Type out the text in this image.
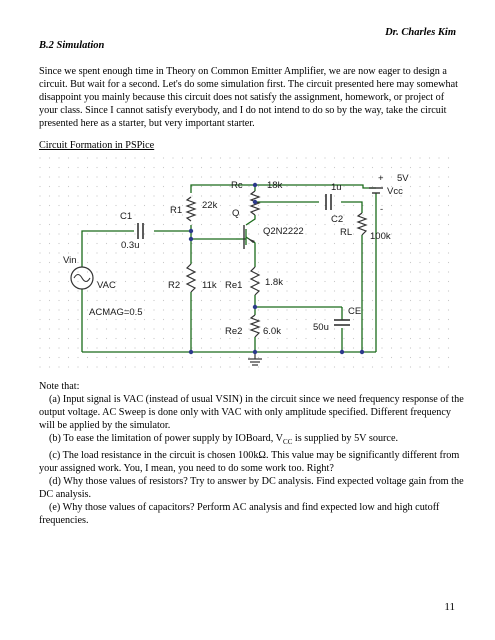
Dr. Charles Kim
B.2 Simulation
Since we spent enough time in Theory on Common Emitter Amplifier, we are now eager to design a circuit. But wait for a second. Let's do some simulation first. The circuit presented here may somewhat disappoint you mainly because this circuit does not satisfy the assignment, homework, or project of your class. Since I cannot satisfy everybody, and I do not intend to do so by the way, take the circuit presented here as a starter, but very important starter.
Circuit Formation in PSPice
Rc	18k
R1 22k
Q
Q2N2222
C1
0.3u
1u
C2
RL 100k
5V
Vcc
+
-
Vin
VAC
ACMAG=0.5
R2 11k Re1 1.8k
Re2 6.0k
CE
50u

Note that:

(a) Input signal is VAC (instead of usual VSIN) in the circuit since we need frequency response of the output voltage. AC Sweep is done only with VAC with only amplitude specified. Different frequency will be applied by the simulator.

(b) To ease the limitation of power supply by IOBoard, $V_{CC}$ is supplied by 5V source.

(c) The load resistance in the circuit is chosen 100kΩ. This value may be significantly different from your assigned work. You, I mean, you need to do some work too. Right?

(d) Why those values of resistors? Try to answer by DC analysis. Find expected voltage gain from the DC analysis.

(e) Why those values of capacitors? Perform AC analysis and find expected low and high cutoff frequencies.

11
